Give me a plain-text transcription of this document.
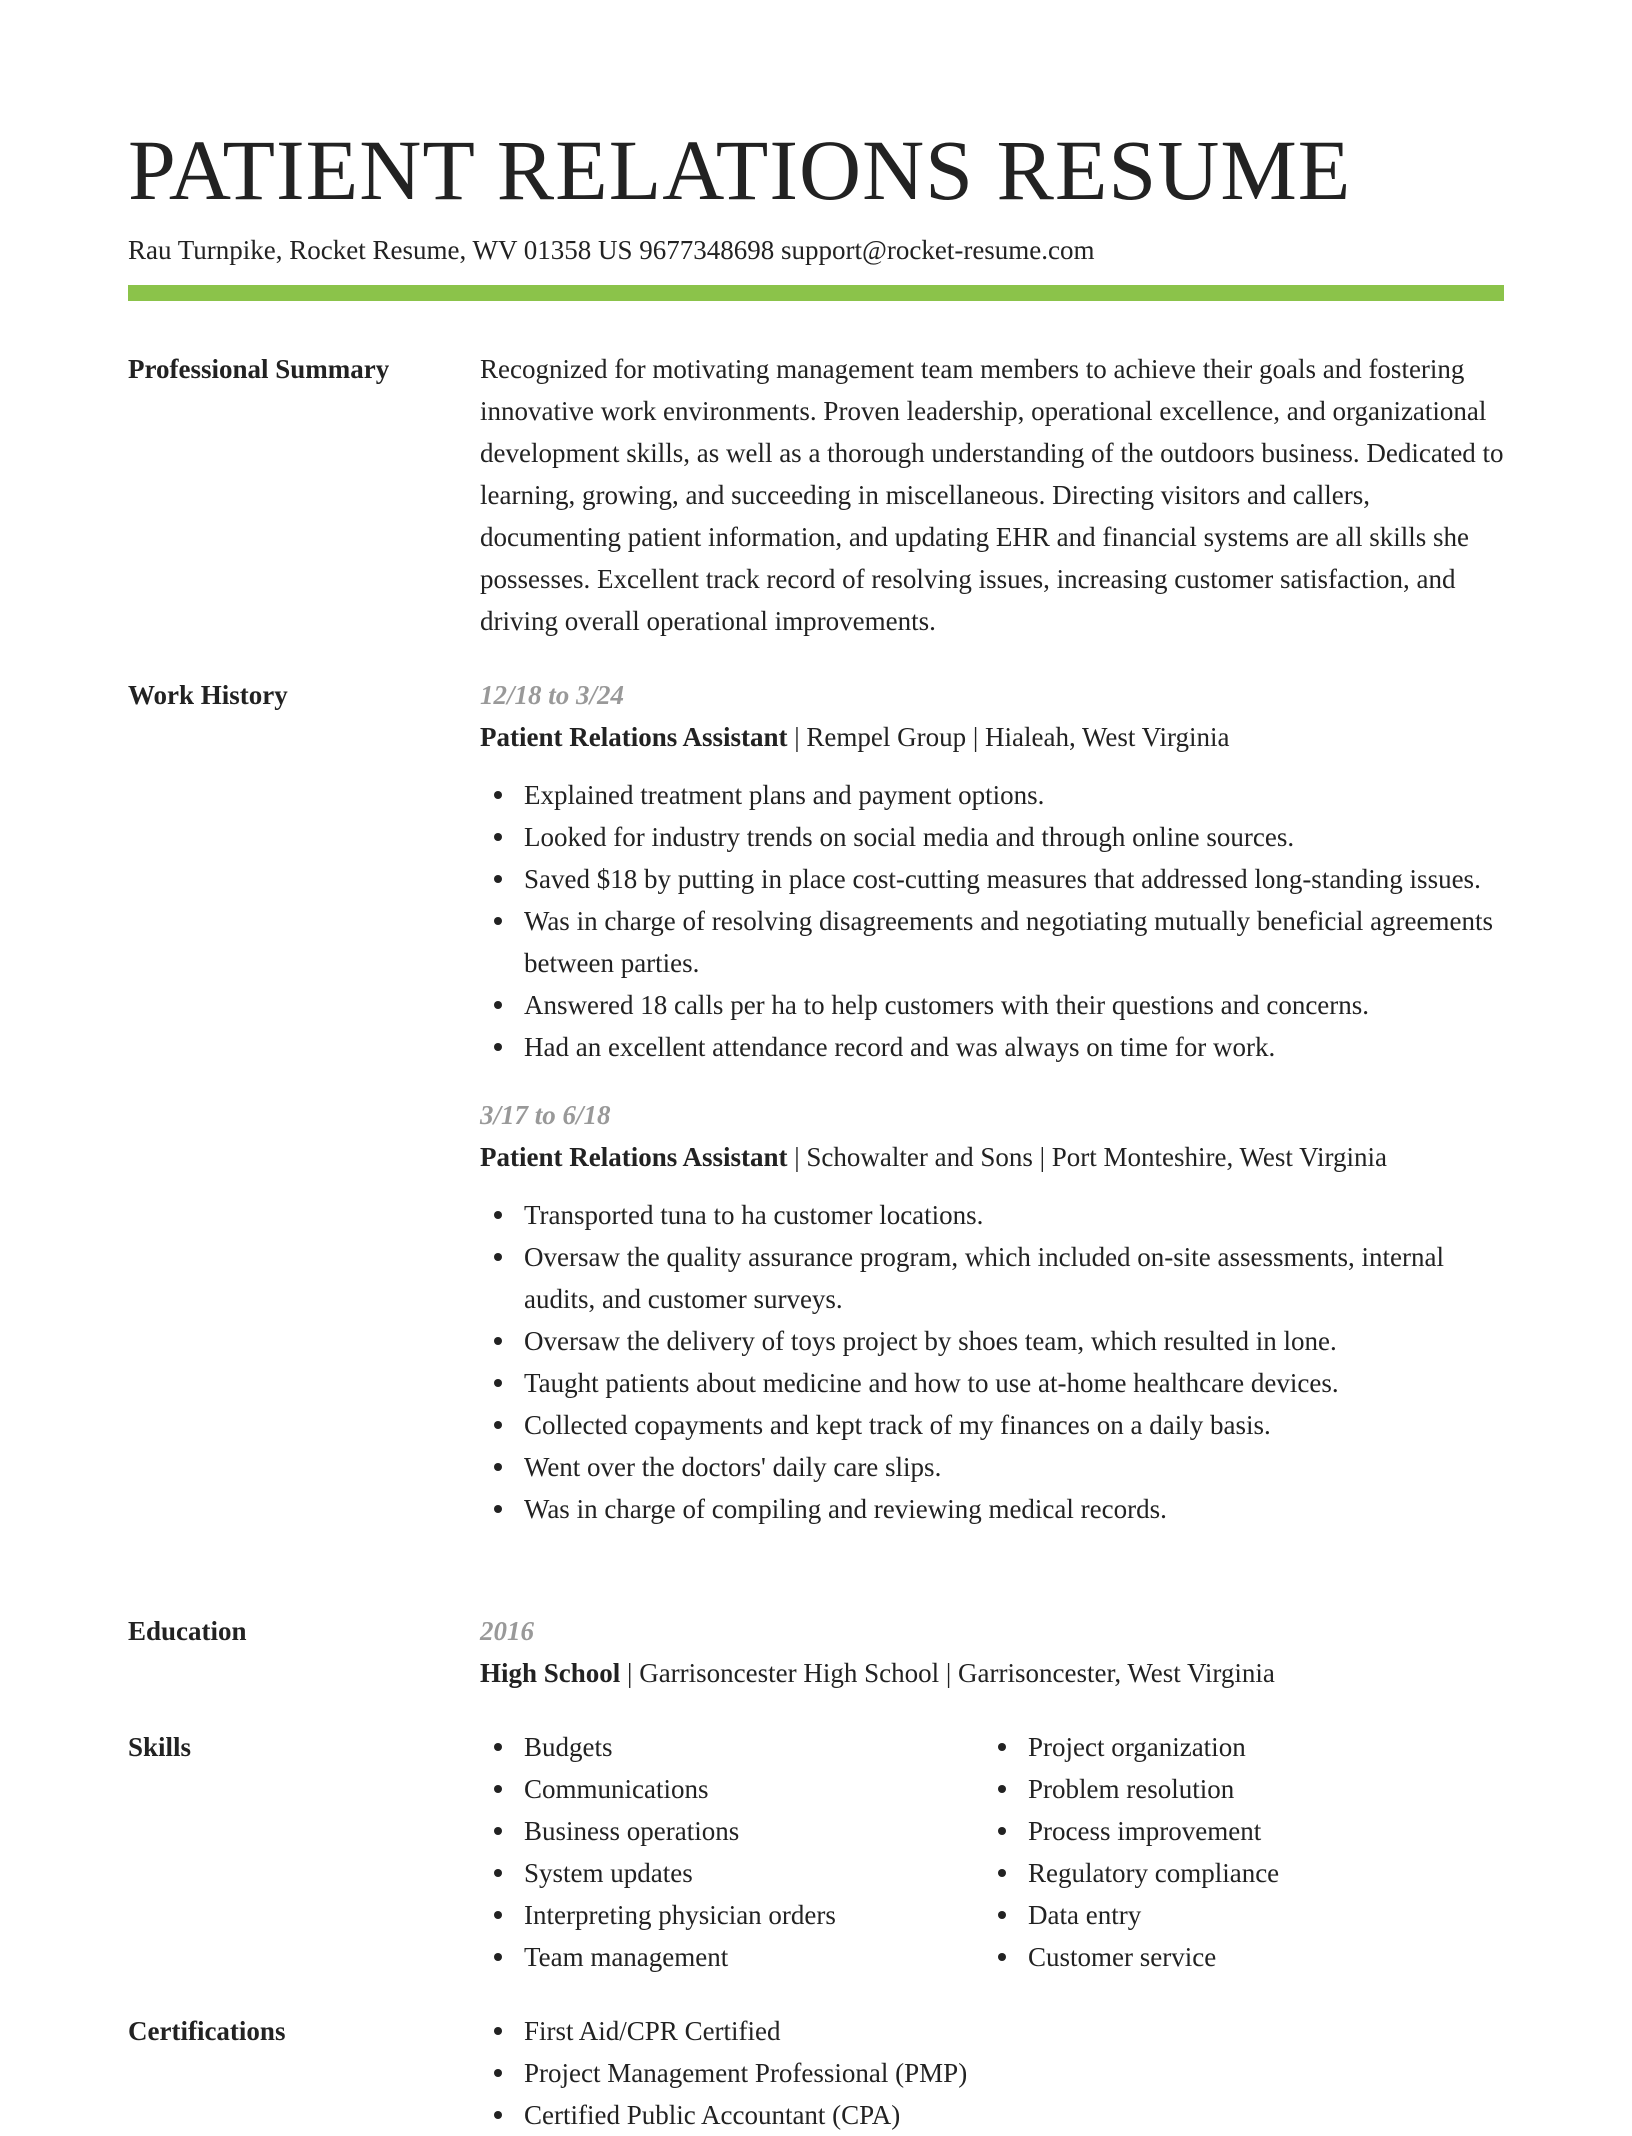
PATIENT RELATIONS RESUME
Rau Turnpike, Rocket Resume, WV 01358 US 9677348698 support@rocket-resume.com
Professional Summary	Recognized for motivating management team members to achieve their goals and fostering innovative work environments. Proven leadership, operational excellence, and organizational development skills, as well as a thorough understanding of the outdoors business. Dedicated to learning, growing, and succeeding in miscellaneous. Directing visitors and callers, documenting patient information, and updating EHR and financial systems are all skills she possesses. Excellent track record of resolving issues, increasing customer satisfaction, and driving overall operational improvements.

Work History	12/18 to 3/24
Patient Relations Assistant | Rempel Group | Hialeah, West Virginia
Explained treatment plans and payment options.
Looked for industry trends on social media and through online sources.
Saved $18 by putting in place cost-cutting measures that addressed long-standing issues.
Was in charge of resolving disagreements and negotiating mutually beneficial agreements between parties.
Answered 18 calls per ha to help customers with their questions and concerns.
Had an excellent attendance record and was always on time for work.
3/17 to 6/18
Patient Relations Assistant | Schowalter and Sons | Port Monteshire, West Virginia
Transported tuna to ha customer locations.
Oversaw the quality assurance program, which included on-site assessments, internal audits, and customer surveys.
Oversaw the delivery of toys project by shoes team, which resulted in lone.
Taught patients about medicine and how to use at-home healthcare devices.
Collected copayments and kept track of my finances on a daily basis.
Went over the doctors' daily care slips.
Was in charge of compiling and reviewing medical records.
Education	2016
High School | Garrisoncester High School | Garrisoncester, West Virginia
Skills	Budgets
Communications
Business operations
System updates
Interpreting physician orders
Team management
Project organization
Problem resolution
Process improvement
Regulatory compliance
Data entry
Customer service
Certifications	First Aid/CPR Certified
Project Management Professional (PMP)
Certified Public Accountant (CPA)
